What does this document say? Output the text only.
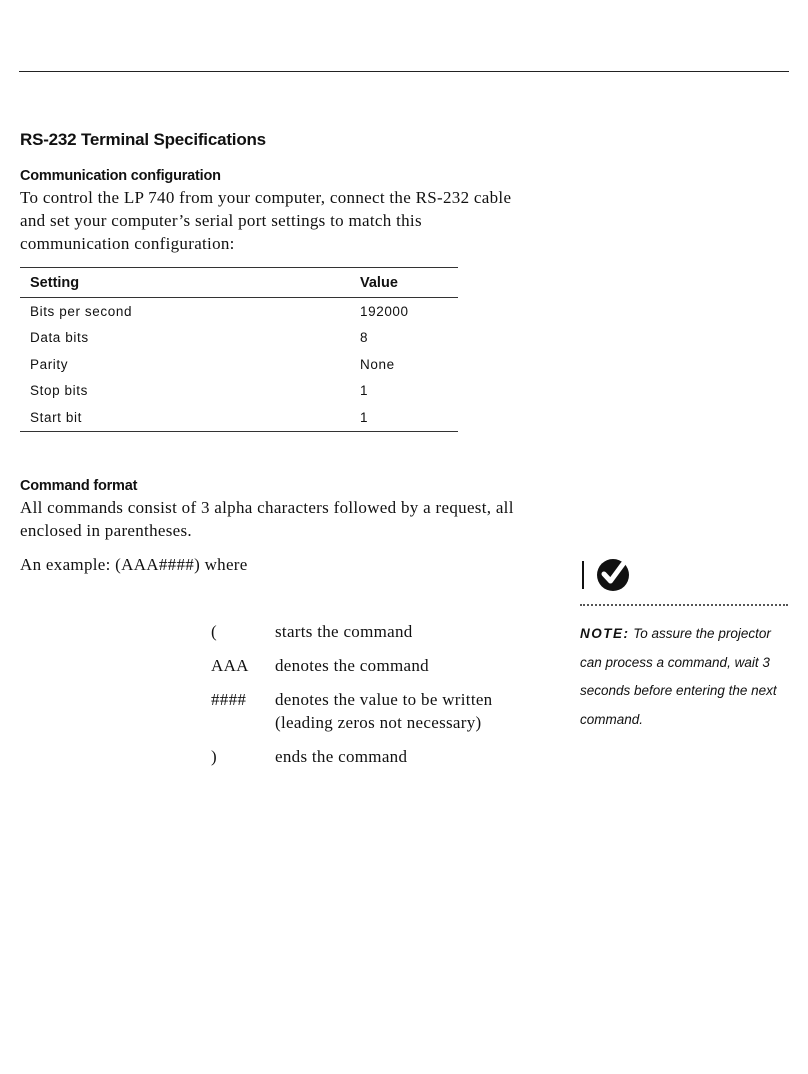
RS-232 Terminal Specifications
Communication configuration

To control the LP 740 from your computer, connect the RS-232 cable and set your computer’s serial port settings to match this communication configuration:

Setting	Value
Bits per second	192000
Data bits	8
Parity	None
Stop bits	1
Start bit	1
Command format

All commands consist of 3 alpha characters followed by a request, all enclosed in parentheses.

An example: (AAA####) where

(	starts the command
AAA	denotes the command
####	denotes the value to be written (leading zeros not necessary)
)	ends the command
NOTE: To assure the projector can process a command, wait 3 seconds before entering the next command.
